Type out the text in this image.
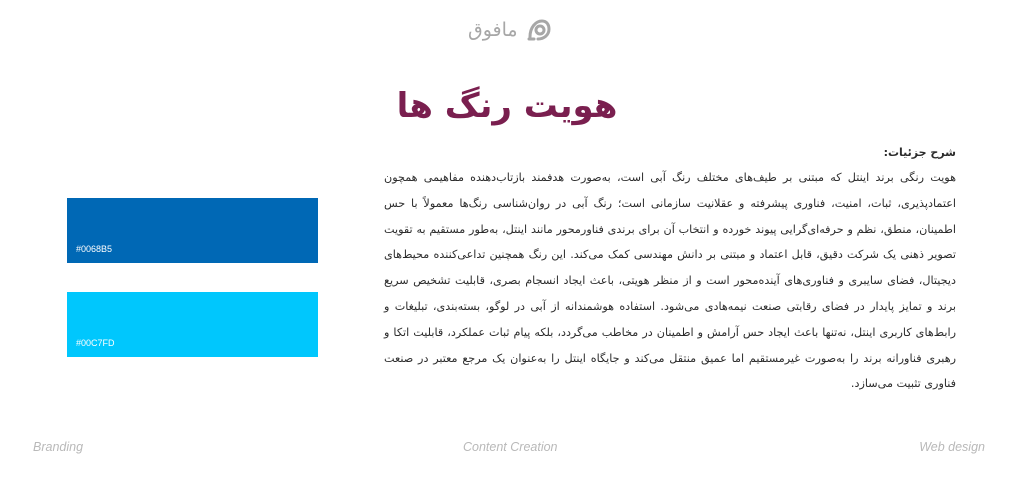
مافوق
هویت رنگ ها

شرح جزئیات:

هویت رنگی برند اینتل که مبتنی بر طیف‌های مختلف رنگ آبی است، به‌صورت هدفمند بازتاب‌دهنده مفاهیمی همچون اعتمادپذیری، ثبات، امنیت، فناوری پیشرفته و عقلانیت سازمانی است؛ رنگ آبی در روان‌شناسی رنگ‌ها معمولاً با حس اطمینان، منطق، نظم و حرفه‌ای‌گرایی پیوند خورده و انتخاب آن برای برندی فناورمحور مانند اینتل، به‌طور مستقیم به تقویت تصویر ذهنی یک شرکت دقیق، قابل اعتماد و مبتنی بر دانش مهندسی کمک می‌کند. این رنگ همچنین تداعی‌کننده محیط‌های دیجیتال، فضای سایبری و فناوری‌های آینده‌محور است و از منظر هویتی، باعث ایجاد انسجام بصری، قابلیت تشخیص سریع برند و تمایز پایدار در فضای رقابتی صنعت نیمه‌هادی می‌شود. استفاده هوشمندانه از آبی در لوگو، بسته‌بندی، تبلیغات و رابط‌های کاربری اینتل، نه‌تنها باعث ایجاد حس آرامش و اطمینان در مخاطب می‌گردد، بلکه پیام ثبات عملکرد، قابلیت اتکا و رهبری فناورانه برند را به‌صورت غیرمستقیم اما عمیق منتقل می‌کند و جایگاه اینتل را به‌عنوان یک مرجع معتبر در صنعت فناوری تثبیت می‌سازد.

#0068B5
#00C7FD
Branding	Content Creation	Web design
